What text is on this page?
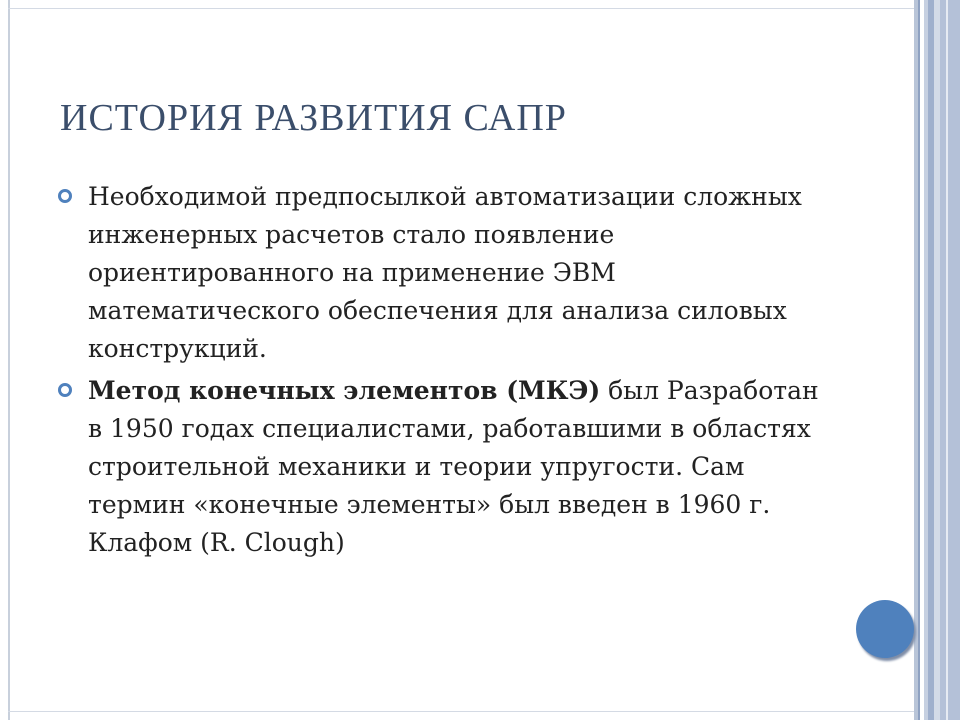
ИСТОРИЯ РАЗВИТИЯ САПР
Необходимой предпосылкой автоматизации сложных инженерных расчетов стало появление ориентированного на применение ЭВМ математического обеспечения для анализа силовых конструкций.
Метод конечных элементов (МКЭ) был Разработан в 1950 годах специалистами, работавшими в областях строительной механики и теории упругости. Сам термин «конечные элементы» был введен в 1960 г. Клафом (R. Clough)
